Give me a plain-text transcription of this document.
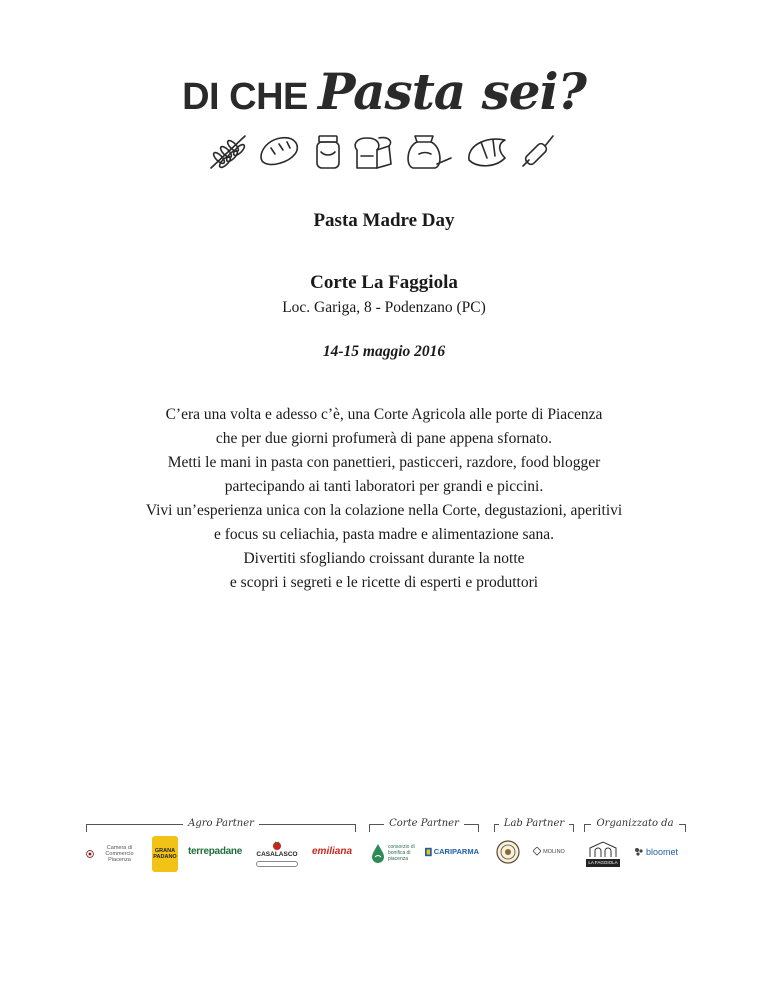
DI CHE Pasta sei?
Pasta Madre Day
Corte La Faggiola
Loc. Gariga, 8 - Podenzano (PC)
14-15 maggio 2016
C’era una volta e adesso c’è, una Corte Agricola alle porte di Piacenza
che per due giorni profumerà di pane appena sfornato.
Metti le mani in pasta con panettieri, pasticceri, razdore, food blogger
partecipando ai tanti laboratori per grandi e piccini.
Vivi un’esperienza unica con la colazione nella Corte, degustazioni, aperitivi
e focus su celiachia, pasta madre e alimentazione sana.
Divertiti sfogliando croissant durante la notte
e scopri i segreti e le ricette di esperti e produttori
Agro Partner
Camera di Commercio Piacenza
GRANA PADANO terrepadane CASALASCO emiliana
Corte Partner
consorzio di bonifica di piacenza
CARIPARMA
Lab Partner
MOLINO
Organizzato da
LA FAGGIOLA
bloomet
